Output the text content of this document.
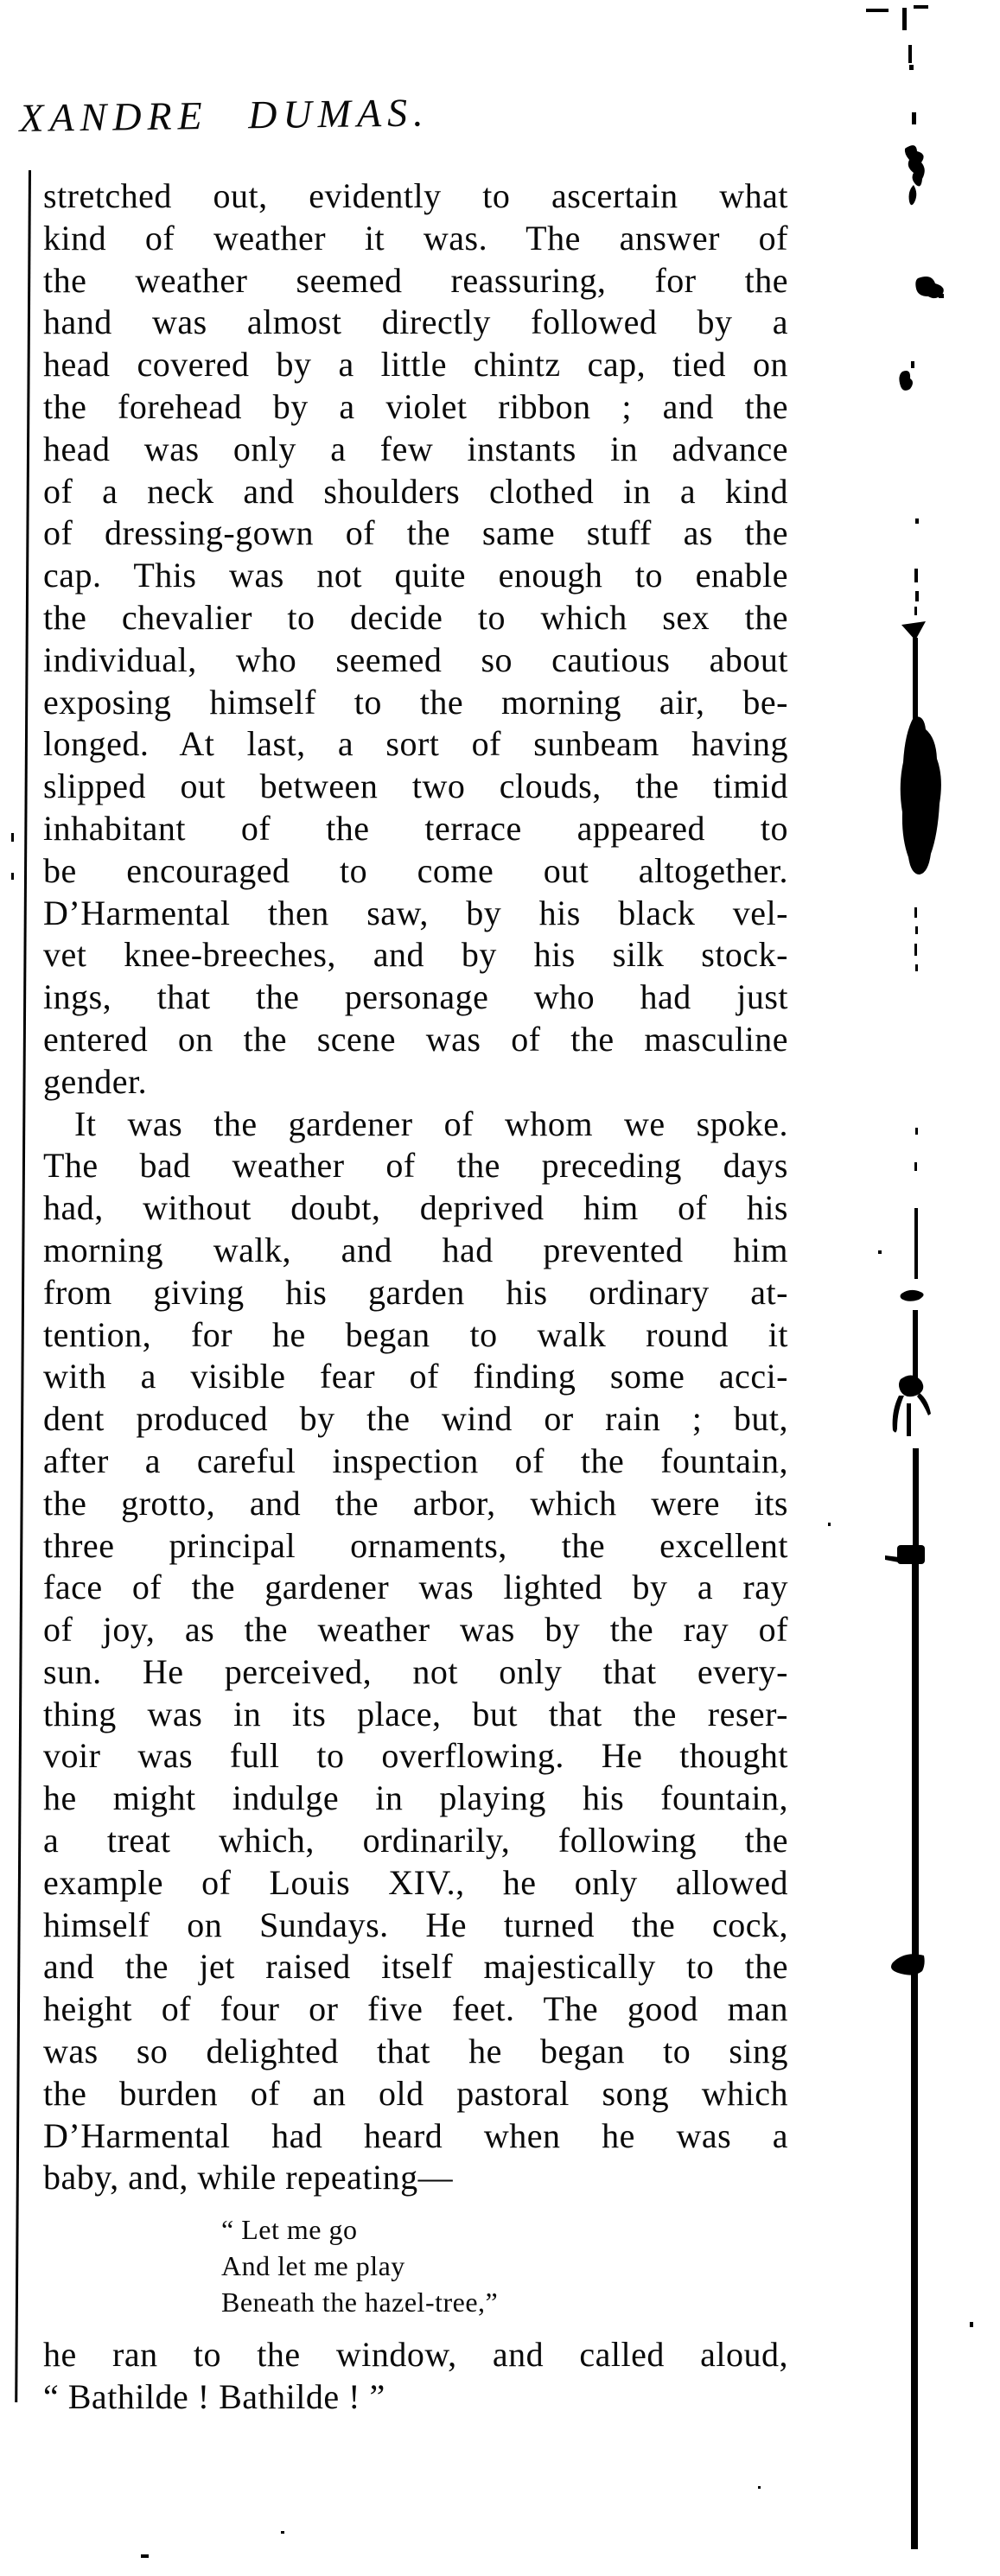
XANDRE DUMAS.
stretched out, evidently to ascertain what
kind of weather it was. The answer of
the weather seemed reassuring, for the
hand was almost directly followed by a
head covered by a little chintz cap, tied on
the forehead by a violet ribbon ; and the
head was only a few instants in advance
of a neck and shoulders clothed in a kind
of dressing-gown of the same stuff as the
cap. This was not quite enough to enable
the chevalier to decide to which sex the
individual, who seemed so cautious about
exposing himself to the morning air, be-
longed. At last, a sort of sunbeam having
slipped out between two clouds, the timid
inhabitant of the terrace appeared to
be encouraged to come out altogether.
D’Harmental then saw, by his black vel-
vet knee-breeches, and by his silk stock-
ings, that the personage who had just
entered on the scene was of the masculine
gender.
It was the gardener of whom we spoke.
The bad weather of the preceding days
had, without doubt, deprived him of his
morning walk, and had prevented him
from giving his garden his ordinary at-
tention, for he began to walk round it
with a visible fear of finding some acci-
dent produced by the wind or rain ; but,
after a careful inspection of the fountain,
the grotto, and the arbor, which were its
three principal ornaments, the excellent
face of the gardener was lighted by a ray
of joy, as the weather was by the ray of
sun. He perceived, not only that every-
thing was in its place, but that the reser-
voir was full to overflowing. He thought
he might indulge in playing his fountain,
a treat which, ordinarily, following the
example of Louis XIV., he only allowed
himself on Sundays. He turned the cock,
and the jet raised itself majestically to the
height of four or five feet. The good man
was so delighted that he began to sing
the burden of an old pastoral song which
D’Harmental had heard when he was a
baby, and, while repeating—
“ Let me go
And let me play
Beneath the hazel-tree,”
he ran to the window, and called aloud,
“ Bathilde ! Bathilde ! ”
